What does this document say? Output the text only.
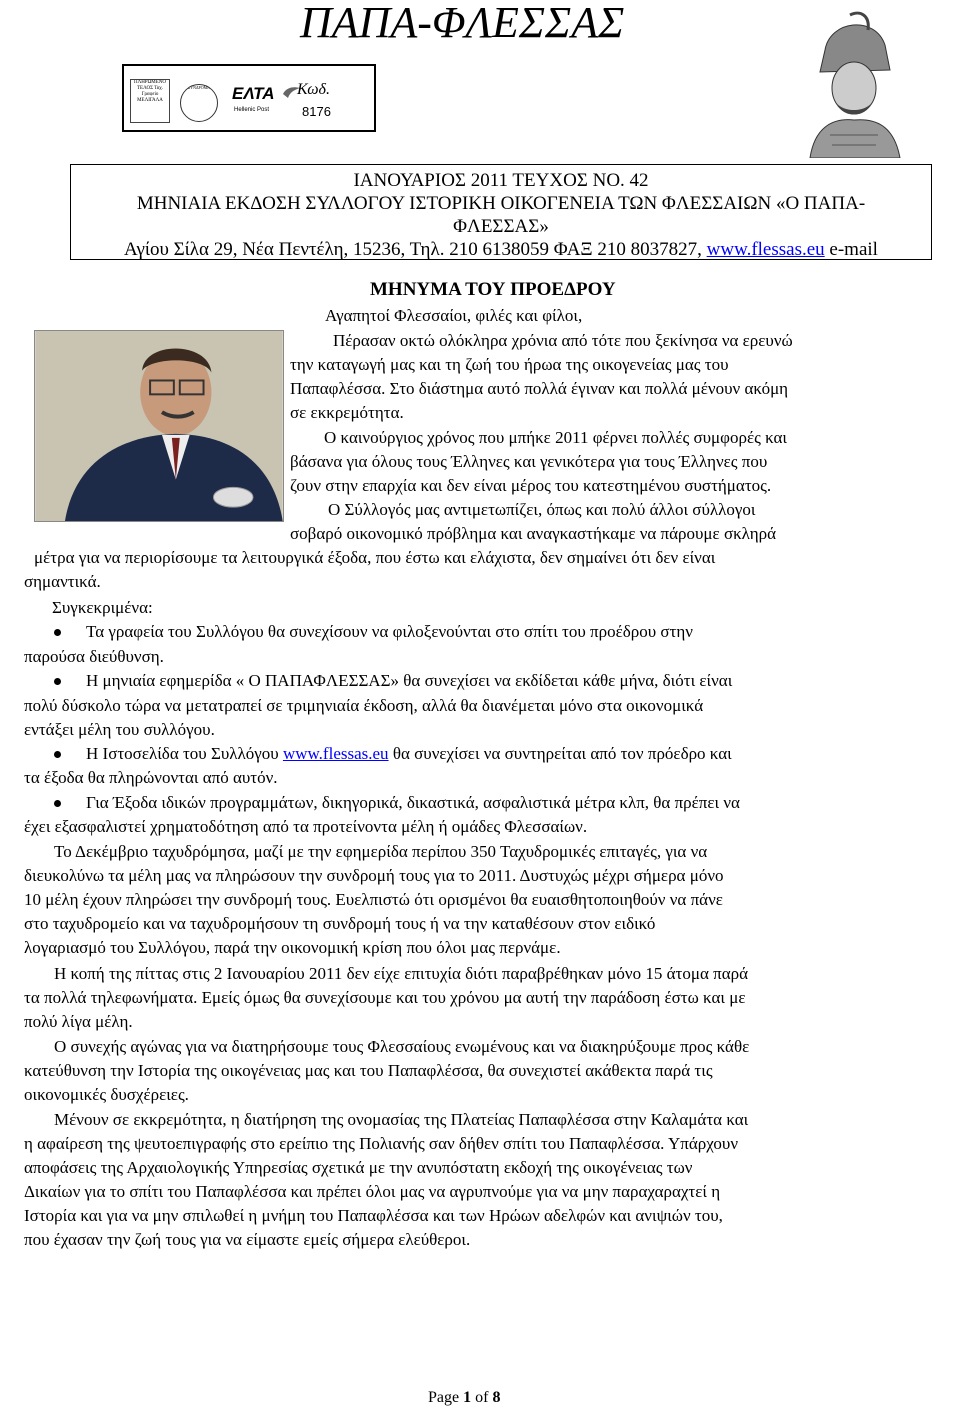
ΠΑΠΑ-ΦΛΕΣΣΑΣ
ΠΛΗΡΩΜΕΝΟ ΤΕΛΟΣ Ταχ. Γραφείο ΜΕΛΙΓΑΛΑ
ΣΥΝΔΡΟΜΗ	ΕΛΤΑ
Hellenic Post
Κωδ.
8176
ΙΑΝΟΥΑΡΙΟΣ 2011 ΤΕΥΧΟΣ ΝΟ. 42
ΜΗΝΙΑΙΑ ΕΚΔΟΣΗ ΣΥΛΛΟΓΟΥ ΙΣΤΟΡΙΚΗ ΟΙΚΟΓΕΝΕΙΑ ΤΩΝ ΦΛΕΣΣΑΙΩΝ «Ο ΠΑΠΑ-
ΦΛΕΣΣΑΣ»
Αγίου Σίλα 29, Νέα Πεντέλη, 15236, Τηλ. 210 6138059 ΦΑΞ 210 8037827, www.flessas.eu e-mail
ΜΗΝΥΜΑ ΤΟΥ ΠΡΟΕΔΡΟΥ
Αγαπητοί Φλεσσαίοι, φιλές και φίλοι,
Πέρασαν οκτώ ολόκληρα χρόνια από τότε που ξεκίνησα να ερευνώ
την καταγωγή μας και τη ζωή του ήρωα της οικογενείας μας του
Παπαφλέσσα. Στο διάστημα αυτό πολλά έγιναν και πολλά μένουν ακόμη
σε εκκρεμότητα.
Ο καινούργιος χρόνος που μπήκε 2011 φέρνει πολλές συμφορές και
βάσανα για όλους τους Έλληνες και γενικότερα για τους Έλληνες που
ζουν στην επαρχία και δεν είναι μέρος του κατεστημένου συστήματος.
Ο Σύλλογός μας αντιμετωπίζει, όπως και πολύ άλλοι σύλλογοι
σοβαρό οικονομικό πρόβλημα και αναγκαστήκαμε να πάρουμε σκληρά
μέτρα για να περιορίσουμε τα λειτουργικά έξοδα, που έστω και ελάχιστα, δεν σημαίνει ότι δεν είναι
σημαντικά.
Συγκεκριμένα:
Τα γραφεία του Συλλόγου θα συνεχίσουν να φιλοξενούνται στο σπίτι του προέδρου στην
παρούσα διεύθυνση.
Η μηνιαία εφημερίδα « Ο ΠΑΠΑΦΛΕΣΣΑΣ» θα συνεχίσει να εκδίδεται κάθε μήνα, διότι είναι
πολύ δύσκολο τώρα να μετατραπεί σε τριμηνιαία έκδοση, αλλά θα διανέμεται μόνο στα οικονομικά
εντάξει μέλη του συλλόγου.
Η Ιστοσελίδα του Συλλόγου www.flessas.eu θα συνεχίσει να συντηρείται από τον πρόεδρο και
τα έξοδα θα πληρώνονται από αυτόν.
Για Έξοδα ιδικών προγραμμάτων, δικηγορικά, δικαστικά, ασφαλιστικά μέτρα κλπ, θα πρέπει να
έχει εξασφαλιστεί χρηματοδότηση από τα προτείνοντα μέλη ή ομάδες Φλεσσαίων.
Το Δεκέμβριο ταχυδρόμησα, μαζί με την εφημερίδα περίπου 350 Ταχυδρομικές επιταγές, για να
διευκολύνω τα μέλη μας να πληρώσουν την συνδρομή τους για το 2011. Δυστυχώς μέχρι σήμερα μόνο
10 μέλη έχουν πληρώσει την συνδρομή τους. Ευελπιστώ ότι ορισμένοι θα ευαισθητοποιηθούν να πάνε
στο ταχυδρομείο και να ταχυδρομήσουν τη συνδρομή τους ή να την καταθέσουν στον ειδικό
λογαριασμό του Συλλόγου, παρά την οικονομική κρίση που όλοι μας περνάμε.
Η κοπή της πίττας στις 2 Ιανουαρίου 2011 δεν είχε επιτυχία διότι παραβρέθηκαν μόνο 15 άτομα παρά
τα πολλά τηλεφωνήματα. Εμείς όμως θα συνεχίσουμε και του χρόνου μα αυτή την παράδοση έστω και με
πολύ λίγα μέλη.
Ο συνεχής αγώνας για να διατηρήσουμε τους Φλεσσαίους ενωμένους και να διακηρύξουμε προς κάθε
κατεύθυνση την Ιστορία της οικογένειας μας και του Παπαφλέσσα, θα συνεχιστεί ακάθεκτα παρά τις
οικονομικές δυσχέρειες.
Μένουν σε εκκρεμότητα, η διατήρηση της ονομασίας της Πλατείας Παπαφλέσσα στην Καλαμάτα και
η αφαίρεση της ψευτοεπιγραφής στο ερείπιο της Πολιανής σαν δήθεν σπίτι του Παπαφλέσσα. Υπάρχουν
αποφάσεις της Αρχαιολογικής Υπηρεσίας σχετικά με την ανυπόστατη εκδοχή της οικογένειας των
Δικαίων για το σπίτι του Παπαφλέσσα και πρέπει όλοι μας να αγρυπνούμε για να μην παραχαραχτεί η
Ιστορία και για να μην σπιλωθεί η μνήμη του Παπαφλέσσα και των Ηρώων αδελφών και ανιψιών του,
που έχασαν την ζωή τους για να είμαστε εμείς σήμερα ελεύθεροι.
Page 1 of 8
